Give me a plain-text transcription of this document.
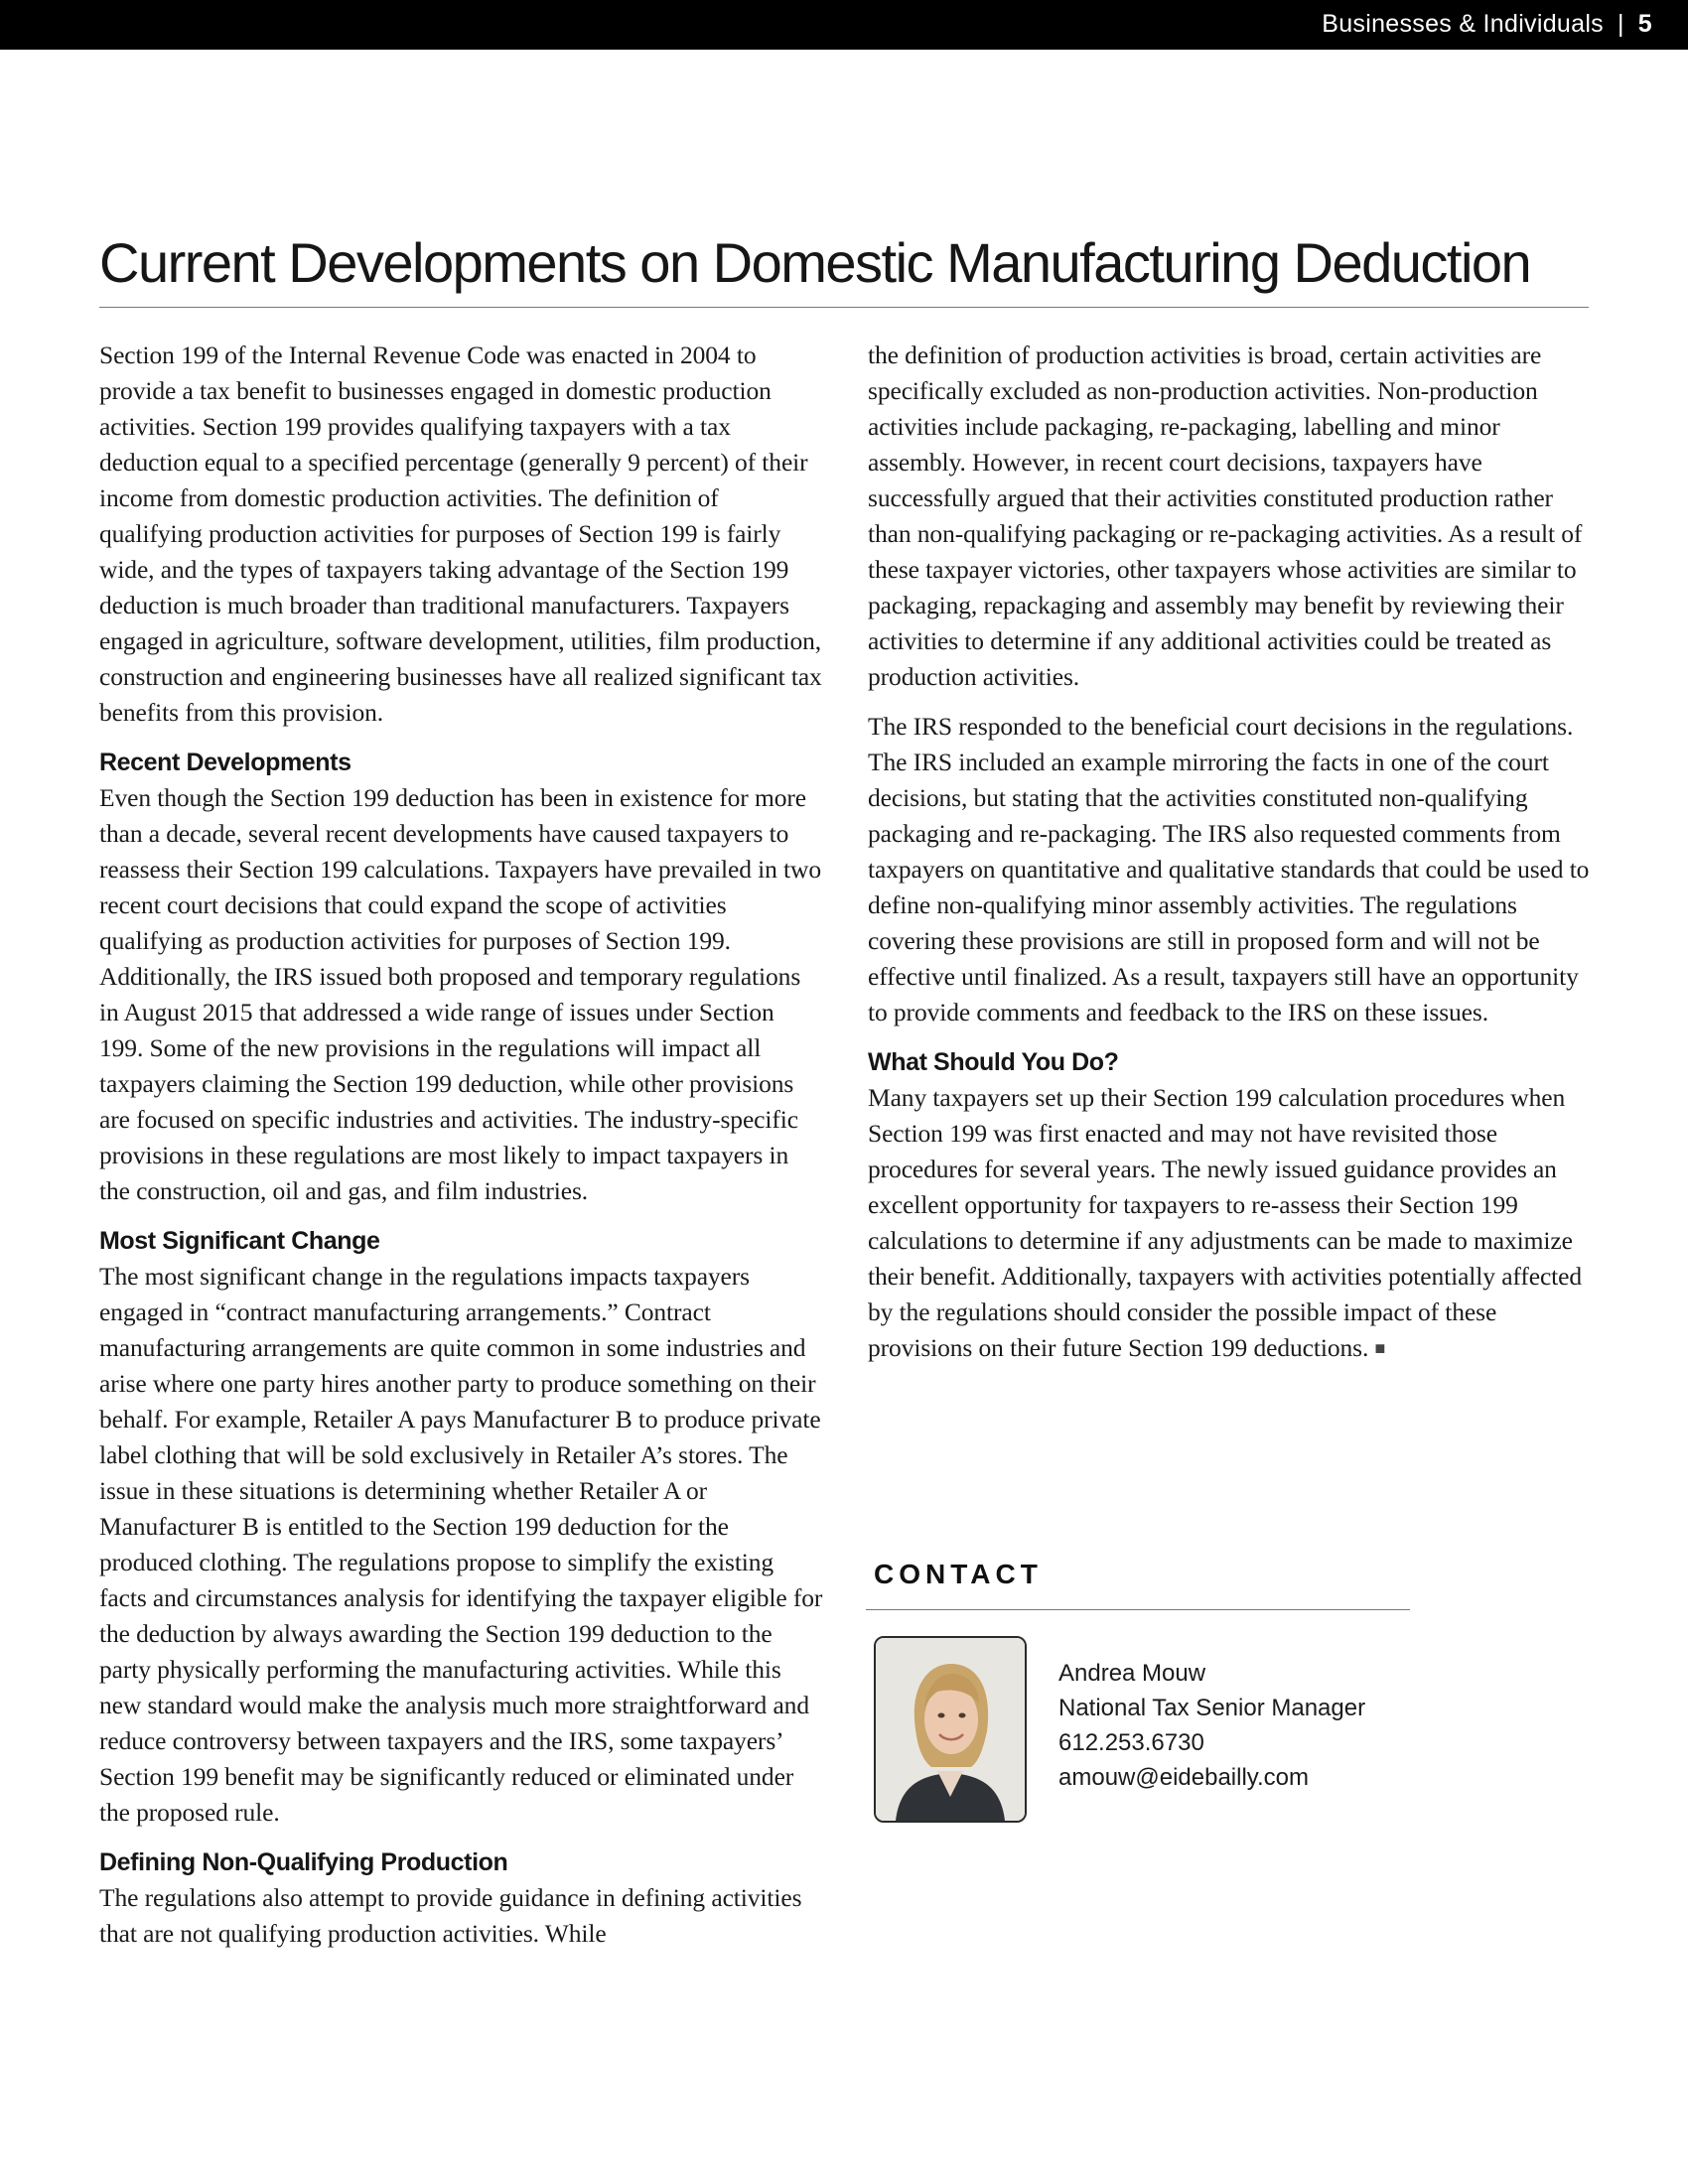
Businesses & Individuals | 5
Current Developments on Domestic Manufacturing Deduction

Section 199 of the Internal Revenue Code was enacted in 2004 to provide a tax benefit to businesses engaged in domestic production activities. Section 199 provides qualifying taxpayers with a tax deduction equal to a specified percentage (generally 9 percent) of their income from domestic production activities. The definition of qualifying production activities for purposes of Section 199 is fairly wide, and the types of taxpayers taking advantage of the Section 199 deduction is much broader than traditional manufacturers. Taxpayers engaged in agriculture, software development, utilities, film production, construction and engineering businesses have all realized significant tax benefits from this provision.

Recent Developments

Even though the Section 199 deduction has been in existence for more than a decade, several recent developments have caused taxpayers to reassess their Section 199 calculations. Taxpayers have prevailed in two recent court decisions that could expand the scope of activities qualifying as production activities for purposes of Section 199. Additionally, the IRS issued both proposed and temporary regulations in August 2015 that addressed a wide range of issues under Section 199. Some of the new provisions in the regulations will impact all taxpayers claiming the Section 199 deduction, while other provisions are focused on specific industries and activities. The industry-specific provisions in these regulations are most likely to impact taxpayers in the construction, oil and gas, and film industries.

Most Significant Change

The most significant change in the regulations impacts taxpayers engaged in “contract manufacturing arrangements.” Contract manufacturing arrangements are quite common in some industries and arise where one party hires another party to produce something on their behalf. For example, Retailer A pays Manufacturer B to produce private label clothing that will be sold exclusively in Retailer A’s stores. The issue in these situations is determining whether Retailer A or Manufacturer B is entitled to the Section 199 deduction for the produced clothing. The regulations propose to simplify the existing facts and circumstances analysis for identifying the taxpayer eligible for the deduction by always awarding the Section 199 deduction to the party physically performing the manufacturing activities. While this new standard would make the analysis much more straightforward and reduce controversy between taxpayers and the IRS, some taxpayers’ Section 199 benefit may be significantly reduced or eliminated under the proposed rule.

Defining Non-Qualifying Production

The regulations also attempt to provide guidance in defining activities that are not qualifying production activities. While

the definition of production activities is broad, certain activities are specifically excluded as non-production activities. Non-production activities include packaging, re-packaging, labelling and minor assembly. However, in recent court decisions, taxpayers have successfully argued that their activities constituted production rather than non-qualifying packaging or re-packaging activities. As a result of these taxpayer victories, other taxpayers whose activities are similar to packaging, repackaging and assembly may benefit by reviewing their activities to determine if any additional activities could be treated as production activities.

The IRS responded to the beneficial court decisions in the regulations. The IRS included an example mirroring the facts in one of the court decisions, but stating that the activities constituted non-qualifying packaging and re-packaging. The IRS also requested comments from taxpayers on quantitative and qualitative standards that could be used to define non-qualifying minor assembly activities. The regulations covering these provisions are still in proposed form and will not be effective until finalized. As a result, taxpayers still have an opportunity to provide comments and feedback to the IRS on these issues.

What Should You Do?

Many taxpayers set up their Section 199 calculation procedures when Section 199 was first enacted and may not have revisited those procedures for several years. The newly issued guidance provides an excellent opportunity for taxpayers to re-assess their Section 199 calculations to determine if any adjustments can be made to maximize their benefit. Additionally, taxpayers with activities potentially affected by the regulations should consider the possible impact of these provisions on their future Section 199 deductions. ■

CONTACT
Andrea Mouw
National Tax Senior Manager
612.253.6730
amouw@eidebailly.com
